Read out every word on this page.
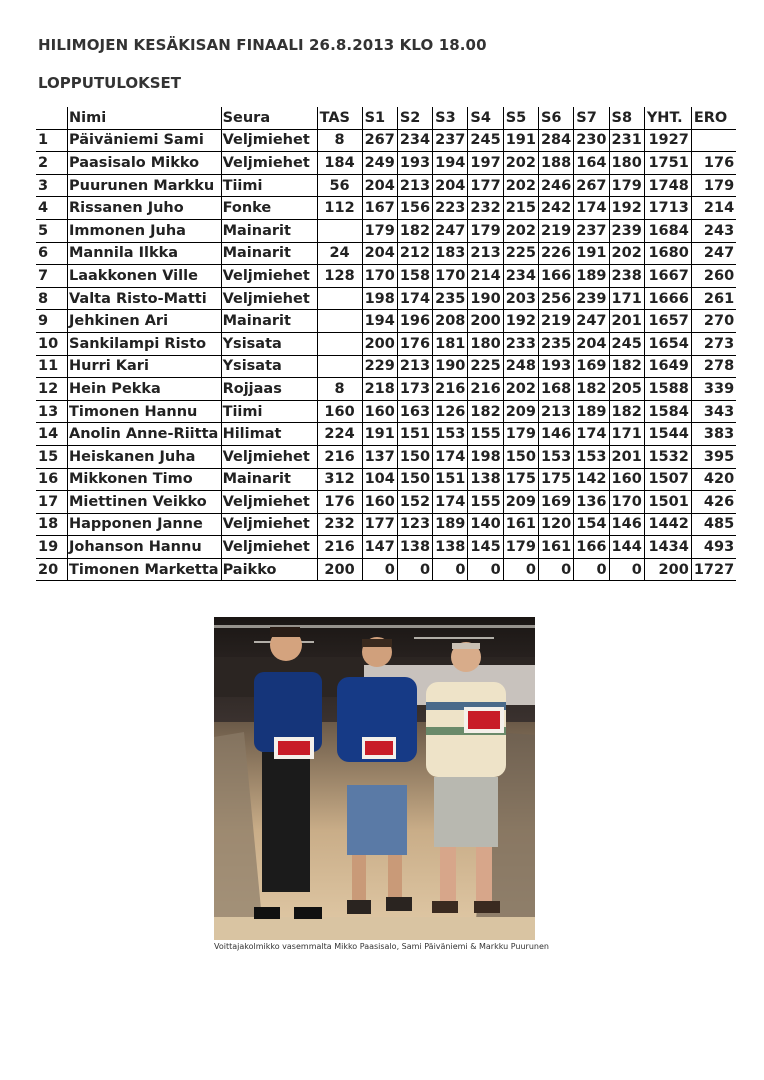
HILIMOJEN KESÄKISAN FINAALI 26.8.2013 KLO 18.00
LOPPUTULOKSET
	Nimi	Seura	TAS	S1	S2	S3	S4	S5	S6	S7	S8	YHT.	ERO
1	Päiväniemi Sami	Veljmiehet	8	267	234	237	245	191	284	230	231	1927	
2	Paasisalo Mikko	Veljmiehet	184	249	193	194	197	202	188	164	180	1751	176
3	Puurunen Markku	Tiimi	56	204	213	204	177	202	246	267	179	1748	179
4	Rissanen Juho	Fonke	112	167	156	223	232	215	242	174	192	1713	214
5	Immonen Juha	Mainarit		179	182	247	179	202	219	237	239	1684	243
6	Mannila Ilkka	Mainarit	24	204	212	183	213	225	226	191	202	1680	247
7	Laakkonen Ville	Veljmiehet	128	170	158	170	214	234	166	189	238	1667	260
8	Valta Risto-Matti	Veljmiehet		198	174	235	190	203	256	239	171	1666	261
9	Jehkinen Ari	Mainarit		194	196	208	200	192	219	247	201	1657	270
10	Sankilampi Risto	Ysisata		200	176	181	180	233	235	204	245	1654	273
11	Hurri Kari	Ysisata		229	213	190	225	248	193	169	182	1649	278
12	Hein Pekka	Rojjaas	8	218	173	216	216	202	168	182	205	1588	339
13	Timonen Hannu	Tiimi	160	160	163	126	182	209	213	189	182	1584	343
14	Anolin Anne-Riitta	Hilimat	224	191	151	153	155	179	146	174	171	1544	383
15	Heiskanen Juha	Veljmiehet	216	137	150	174	198	150	153	153	201	1532	395
16	Mikkonen Timo	Mainarit	312	104	150	151	138	175	175	142	160	1507	420
17	Miettinen Veikko	Veljmiehet	176	160	152	174	155	209	169	136	170	1501	426
18	Happonen Janne	Veljmiehet	232	177	123	189	140	161	120	154	146	1442	485
19	Johanson Hannu	Veljmiehet	216	147	138	138	145	179	161	166	144	1434	493
20	Timonen Marketta	Paikko	200	0	0	0	0	0	0	0	0	200	1727
Voittajakolmikko vasemmalta Mikko Paasisalo, Sami Päiväniemi & Markku Puurunen
